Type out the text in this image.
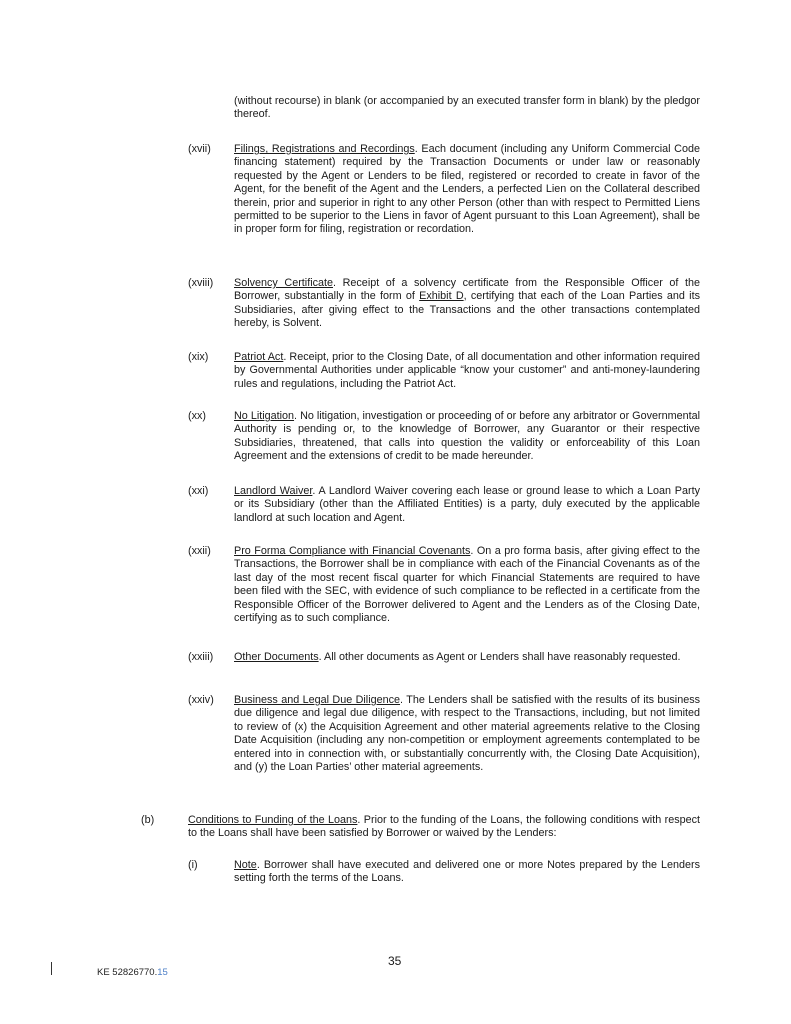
(without recourse) in blank (or accompanied by an executed transfer form in blank) by the pledgor thereof.
(xvii) Filings, Registrations and Recordings. Each document (including any Uniform Commercial Code financing statement) required by the Transaction Documents or under law or reasonably requested by the Agent or Lenders to be filed, registered or recorded to create in favor of the Agent, for the benefit of the Agent and the Lenders, a perfected Lien on the Collateral described therein, prior and superior in right to any other Person (other than with respect to Permitted Liens permitted to be superior to the Liens in favor of Agent pursuant to this Loan Agreement), shall be in proper form for filing, registration or recordation.
(xviii) Solvency Certificate. Receipt of a solvency certificate from the Responsible Officer of the Borrower, substantially in the form of Exhibit D, certifying that each of the Loan Parties and its Subsidiaries, after giving effect to the Transactions and the other transactions contemplated hereby, is Solvent.
(xix) Patriot Act. Receipt, prior to the Closing Date, of all documentation and other information required by Governmental Authorities under applicable “know your customer” and anti-money-laundering rules and regulations, including the Patriot Act.
(xx)	No Litigation. No litigation, investigation or proceeding of or before any arbitrator or Governmental Authority is pending or, to the knowledge of Borrower, any Guarantor or their respective Subsidiaries, threatened, that calls into question the validity or enforceability of this Loan Agreement and the extensions of credit to be made hereunder.
(xxi) Landlord Waiver. A Landlord Waiver covering each lease or ground lease to which a Loan Party or its Subsidiary (other than the Affiliated Entities) is a party, duly executed by the applicable landlord at such location and Agent.
(xxii) Pro Forma Compliance with Financial Covenants. On a pro forma basis, after giving effect to the Transactions, the Borrower shall be in compliance with each of the Financial Covenants as of the last day of the most recent fiscal quarter for which Financial Statements are required to have been filed with the SEC, with evidence of such compliance to be reflected in a certificate from the Responsible Officer of the Borrower delivered to Agent and the Lenders as of the Closing Date, certifying as to such compliance.
(xxiii) Other Documents. All other documents as Agent or Lenders shall have reasonably requested.
(xxiv) Business and Legal Due Diligence. The Lenders shall be satisfied with the results of its business due diligence and legal due diligence, with respect to the Transactions, including, but not limited to review of (x) the Acquisition Agreement and other material agreements relative to the Closing Date Acquisition (including any non-competition or employment agreements contemplated to be entered into in connection with, or substantially concurrently with, the Closing Date Acquisition), and (y) the Loan Parties’ other material agreements.
(b)	Conditions to Funding of the Loans. Prior to the funding of the Loans, the following conditions with respect to the Loans shall have been satisfied by Borrower or waived by the Lenders:
(i)	Note. Borrower shall have executed and delivered one or more Notes prepared by the Lenders setting forth the terms of the Loans.
35
KE 52826770.15
